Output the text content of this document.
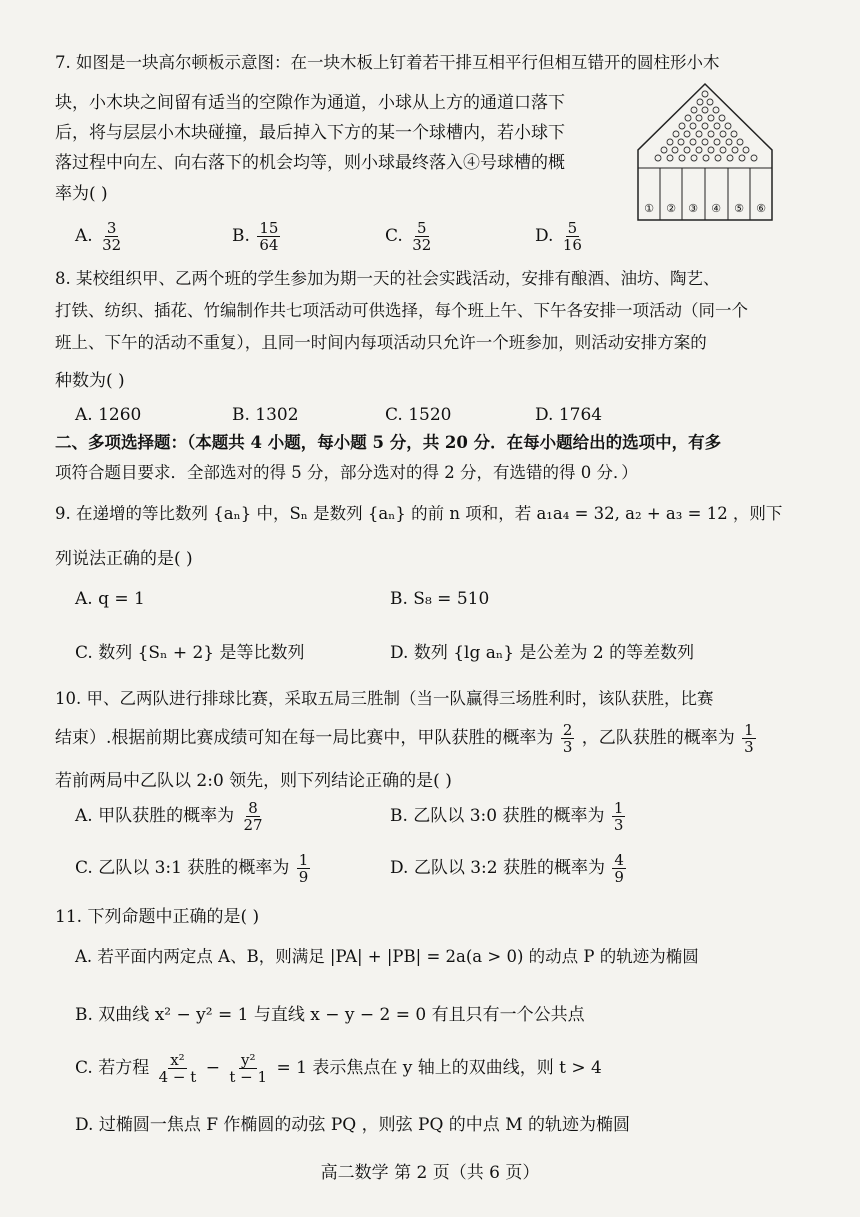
7. 如图是一块高尔顿板示意图：在一块木板上钉着若干排互相平行但相互错开的圆柱形小木
块，小木块之间留有适当的空隙作为通道，小球从上方的通道口落下
后，将与层层小木块碰撞，最后掉入下方的某一个球槽内，若小球下
落过程中向左、向右落下的机会均等，则小球最终落入④号球槽的概
率为( )
① ② ③ ④ ⑤ ⑥
A. $\frac{3}{32}$	B. $\frac{15}{64}$	C. $\frac{5}{32}$	D. $\frac{5}{16}$
8. 某校组织甲、乙两个班的学生参加为期一天的社会实践活动，安排有酿酒、油坊、陶艺、
打铁、纺织、插花、竹编制作共七项活动可供选择，每个班上午、下午各安排一项活动（同一个
班上、下午的活动不重复），且同一时间内每项活动只允许一个班参加，则活动安排方案的
种数为( )
A. 1260	B. 1302	C. 1520	D. 1764
二、多项选择题：（本题共 4 小题，每小题 5 分，共 20 分．在每小题给出的选项中，有多
项符合题目要求．全部选对的得 5 分，部分选对的得 2 分，有选错的得 0 分．）
9. 在递增的等比数列 {aₙ} 中，Sₙ 是数列 {aₙ} 的前 n 项和，若 a₁a₄ = 32, a₂ + a₃ = 12 ，则下
列说法正确的是( )
A. q = 1	B. S₈ = 510
C. 数列 {Sₙ + 2} 是等比数列	D. 数列 {lg aₙ} 是公差为 2 的等差数列
10. 甲、乙两队进行排球比赛，采取五局三胜制（当一队赢得三场胜利时，该队获胜，比赛
结束）.根据前期比赛成绩可知在每一局比赛中，甲队获胜的概率为 $\frac{2}{3}$ ，乙队获胜的概率为 $\frac{1}{3}$
若前两局中乙队以 2:0 领先，则下列结论正确的是( )
A. 甲队获胜的概率为 $\frac{8}{27}$	B. 乙队以 3:0 获胜的概率为 $\frac{1}{3}$
C. 乙队以 3:1 获胜的概率为 $\frac{1}{9}$	D. 乙队以 3:2 获胜的概率为 $\frac{4}{9}$
11. 下列命题中正确的是( )
A. 若平面内两定点 A、B，则满足 |PA| + |PB| = 2a(a > 0) 的动点 P 的轨迹为椭圆
B. 双曲线 x² − y² = 1 与直线 x − y − 2 = 0 有且只有一个公共点
C. 若方程 $\frac{\text{x²}}{4 - t} - \frac{\text{y²}}{t - 1} = 1$ 表示焦点在 y 轴上的双曲线，则 t > 4
D. 过椭圆一焦点 F 作椭圆的动弦 PQ ，则弦 PQ 的中点 M 的轨迹为椭圆
高二数学 第 2 页（共 6 页）
